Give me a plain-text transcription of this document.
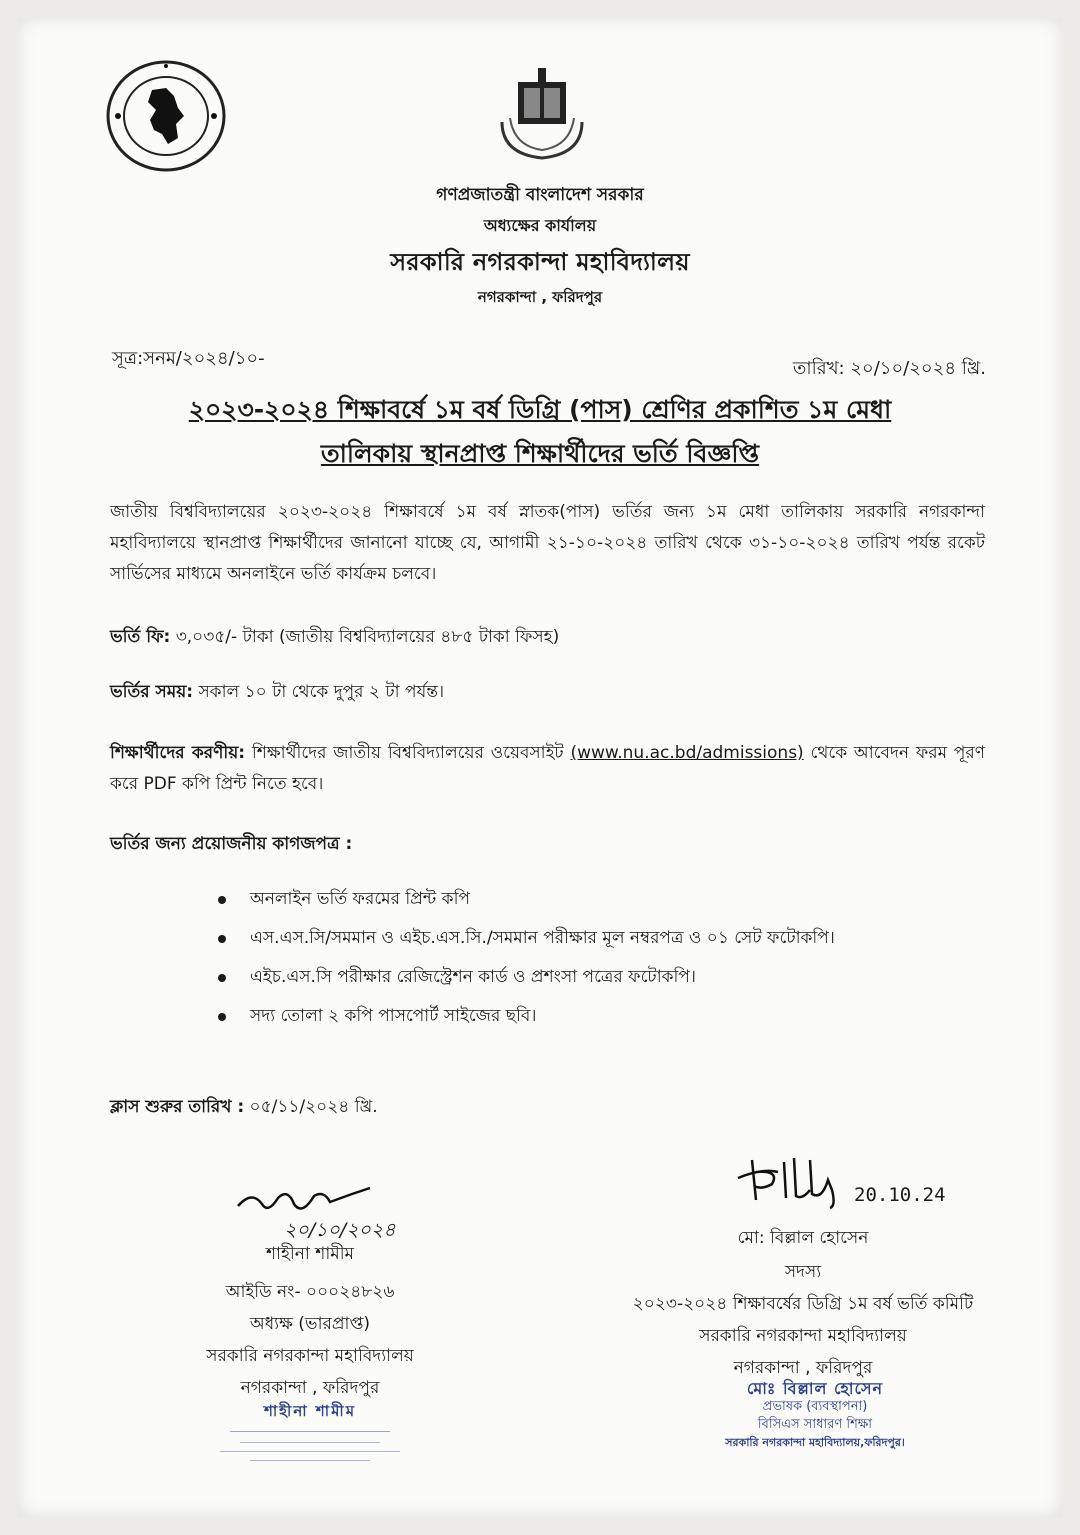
গণপ্রজাতন্ত্রী বাংলাদেশ সরকার
অধ্যক্ষের কার্যালয়
সরকারি নগরকান্দা মহাবিদ্যালয়
নগরকান্দা , ফরিদপুর
সূত্র:সনম/২০২৪/১০-	তারিখ: ২০/১০/২০২৪ খ্রি.
২০২৩-২০২৪ শিক্ষাবর্ষে ১ম বর্ষ ডিগ্রি (পাস) শ্রেণির প্রকাশিত ১ম মেধা
তালিকায় স্থানপ্রাপ্ত শিক্ষার্থীদের ভর্তি বিজ্ঞপ্তি
জাতীয় বিশ্ববিদ্যালয়ের ২০২৩-২০২৪ শিক্ষাবর্ষে ১ম বর্ষ স্নাতক(পাস) ভর্তির জন্য ১ম মেধা তালিকায় সরকারি নগরকান্দা মহাবিদ্যালয়ে স্থানপ্রাপ্ত শিক্ষার্থীদের জানানো যাচ্ছে যে, আগামী ২১-১০-২০২৪ তারিখ থেকে ৩১-১০-২০২৪ তারিখ পর্যন্ত রকেট সার্ভিসের মাধ্যমে অনলাইনে ভর্তি কার্যক্রম চলবে।
ভর্তি ফি: ৩,০৩৫/- টাকা (জাতীয় বিশ্ববিদ্যালয়ের ৪৮৫ টাকা ফিসহ)
ভর্তির সময়: সকাল ১০ টা থেকে দুপুর ২ টা পর্যন্ত।
শিক্ষার্থীদের করণীয়: শিক্ষার্থীদের জাতীয় বিশ্ববিদ্যালয়ের ওয়েবসাইট (www.nu.ac.bd/admissions) থেকে আবেদন ফরম পূরণ করে PDF কপি প্রিন্ট নিতে হবে।
ভর্তির জন্য প্রয়োজনীয় কাগজপত্র :
অনলাইন ভর্তি ফরমের প্রিন্ট কপি
এস.এস.সি/সমমান ও এইচ.এস.সি./সমমান পরীক্ষার মূল নম্বরপত্র ও ০১ সেট ফটোকপি।
এইচ.এস.সি পরীক্ষার রেজিস্ট্রেশন কার্ড ও প্রশংসা পত্রের ফটোকপি।
সদ্য তোলা ২ কপি পাসপোর্ট সাইজের ছবি।
ক্লাস শুরুর তারিখ : ০৫/১১/২০২৪ খ্রি.
20.10.24
২০/১০/২০২৪
শাহীনা শামীম
আইডি নং- ০০০২৪৮২৬
অধ্যক্ষ (ভারপ্রাপ্ত)
সরকারি নগরকান্দা মহাবিদ্যালয়
নগরকান্দা , ফরিদপুর
শাহীনা শামীম
মো: বিল্লাল হোসেন
সদস্য
২০২৩-২০২৪ শিক্ষাবর্ষের ডিগ্রি ১ম বর্ষ ভর্তি কমিটি
সরকারি নগরকান্দা মহাবিদ্যালয়
নগরকান্দা , ফরিদপুর
মোঃ বিল্লাল হোসেন
প্রভাষক (ব্যবস্থাপনা)
বিসিএস সাধারণ শিক্ষা
সরকারি নগরকান্দা মহাবিদ্যালয়,ফরিদপুর।
